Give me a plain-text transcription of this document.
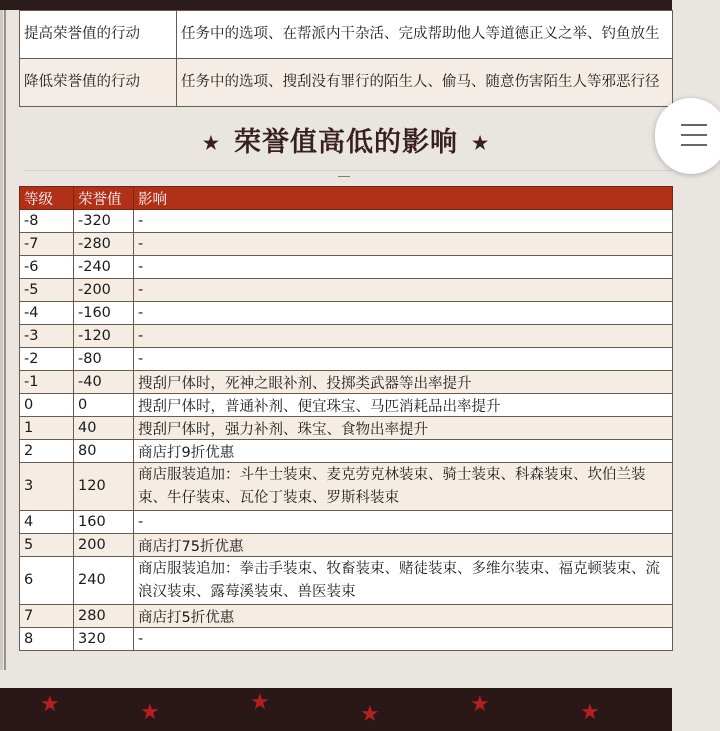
提高荣誉值的行动	任务中的选项、在帮派内干杂活、完成帮助他人等道德正义之举、钓鱼放生
降低荣誉值的行动	任务中的选项、搜刮没有罪行的陌生人、偷马、随意伤害陌生人等邪恶行径
★ 荣誉值高低的影响 ★
等级	荣誉值	影响
-8	-320	-
-7	-280	-
-6	-240	-
-5	-200	-
-4	-160	-
-3	-120	-
-2	-80	-
-1	-40	搜刮尸体时，死神之眼补剂、投掷类武器等出率提升
0	0	搜刮尸体时，普通补剂、便宜珠宝、马匹消耗品出率提升
1	40	搜刮尸体时，强力补剂、珠宝、食物出率提升
2	80	商店打9折优惠
3	120	商店服装追加：斗牛士装束、麦克劳克林装束、骑士装束、科森装束、坎伯兰装束、牛仔装束、瓦伦丁装束、罗斯科装束
4	160	-
5	200	商店打75折优惠
6	240	商店服装追加：拳击手装束、牧畜装束、赌徒装束、多维尔装束、福克顿装束、流浪汉装束、露莓溪装束、兽医装束
7	280	商店打5折优惠
8	320	-
★	★	★	★	★	★
